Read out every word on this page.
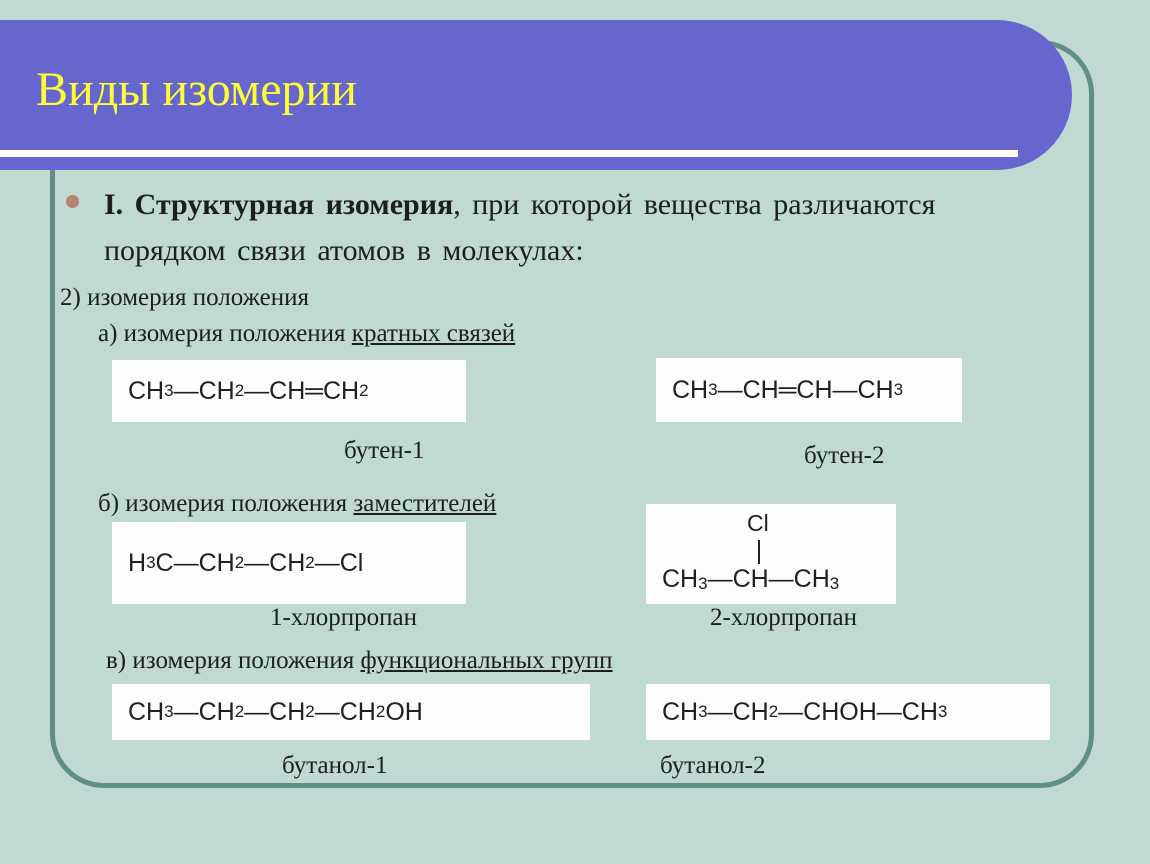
Виды изомерии
I. Структурная изомерия, при которой вещества различаются порядком связи атомов в молекулах:
2) изомерия положения
а) изомерия положения кратных связей
CH 3 —CH 2 —CH═CH 2
бутен-1
CH 3 —CH═CH—CH 3
бутен-2
б) изомерия положения заместителей
H 3 C—CH 2 —CH 2 —Cl
1-хлорпропан
CH 3 —CH—CH 3
Cl
2-хлорпропан
в) изомерия положения функциональных групп
CH 3 —CH 2 —CH 2 —CH 2 OH
бутанол-1
CH 3 —CH 2 —CHOH—CH 3
бутанол-2
